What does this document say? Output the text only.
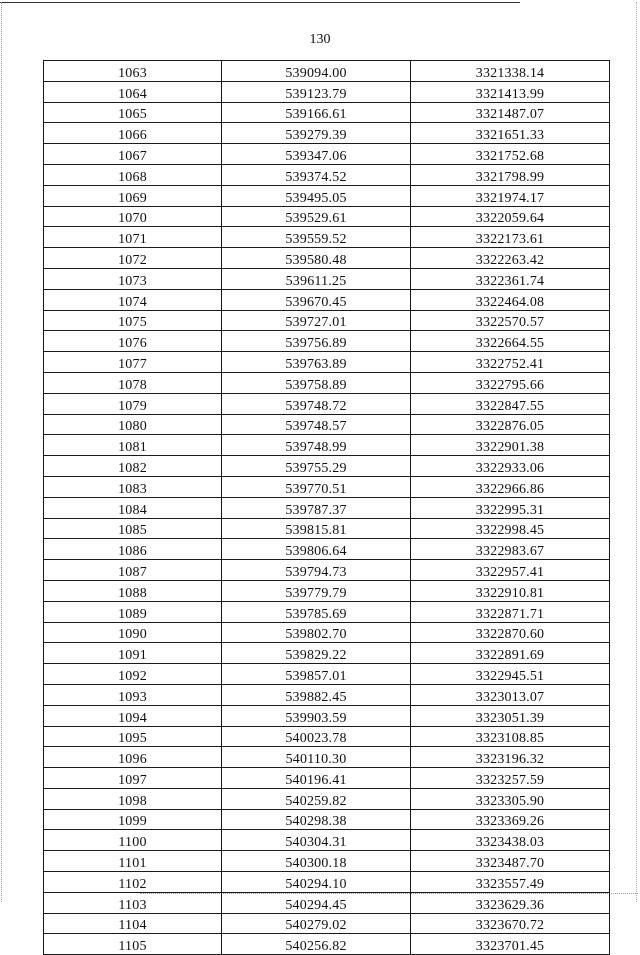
130
1063	539094.00	3321338.14
1064	539123.79	3321413.99
1065	539166.61	3321487.07
1066	539279.39	3321651.33
1067	539347.06	3321752.68
1068	539374.52	3321798.99
1069	539495.05	3321974.17
1070	539529.61	3322059.64
1071	539559.52	3322173.61
1072	539580.48	3322263.42
1073	539611.25	3322361.74
1074	539670.45	3322464.08
1075	539727.01	3322570.57
1076	539756.89	3322664.55
1077	539763.89	3322752.41
1078	539758.89	3322795.66
1079	539748.72	3322847.55
1080	539748.57	3322876.05
1081	539748.99	3322901.38
1082	539755.29	3322933.06
1083	539770.51	3322966.86
1084	539787.37	3322995.31
1085	539815.81	3322998.45
1086	539806.64	3322983.67
1087	539794.73	3322957.41
1088	539779.79	3322910.81
1089	539785.69	3322871.71
1090	539802.70	3322870.60
1091	539829.22	3322891.69
1092	539857.01	3322945.51
1093	539882.45	3323013.07
1094	539903.59	3323051.39
1095	540023.78	3323108.85
1096	540110.30	3323196.32
1097	540196.41	3323257.59
1098	540259.82	3323305.90
1099	540298.38	3323369.26
1100	540304.31	3323438.03
1101	540300.18	3323487.70
1102	540294.10	3323557.49
1103	540294.45	3323629.36
1104	540279.02	3323670.72
1105	540256.82	3323701.45
